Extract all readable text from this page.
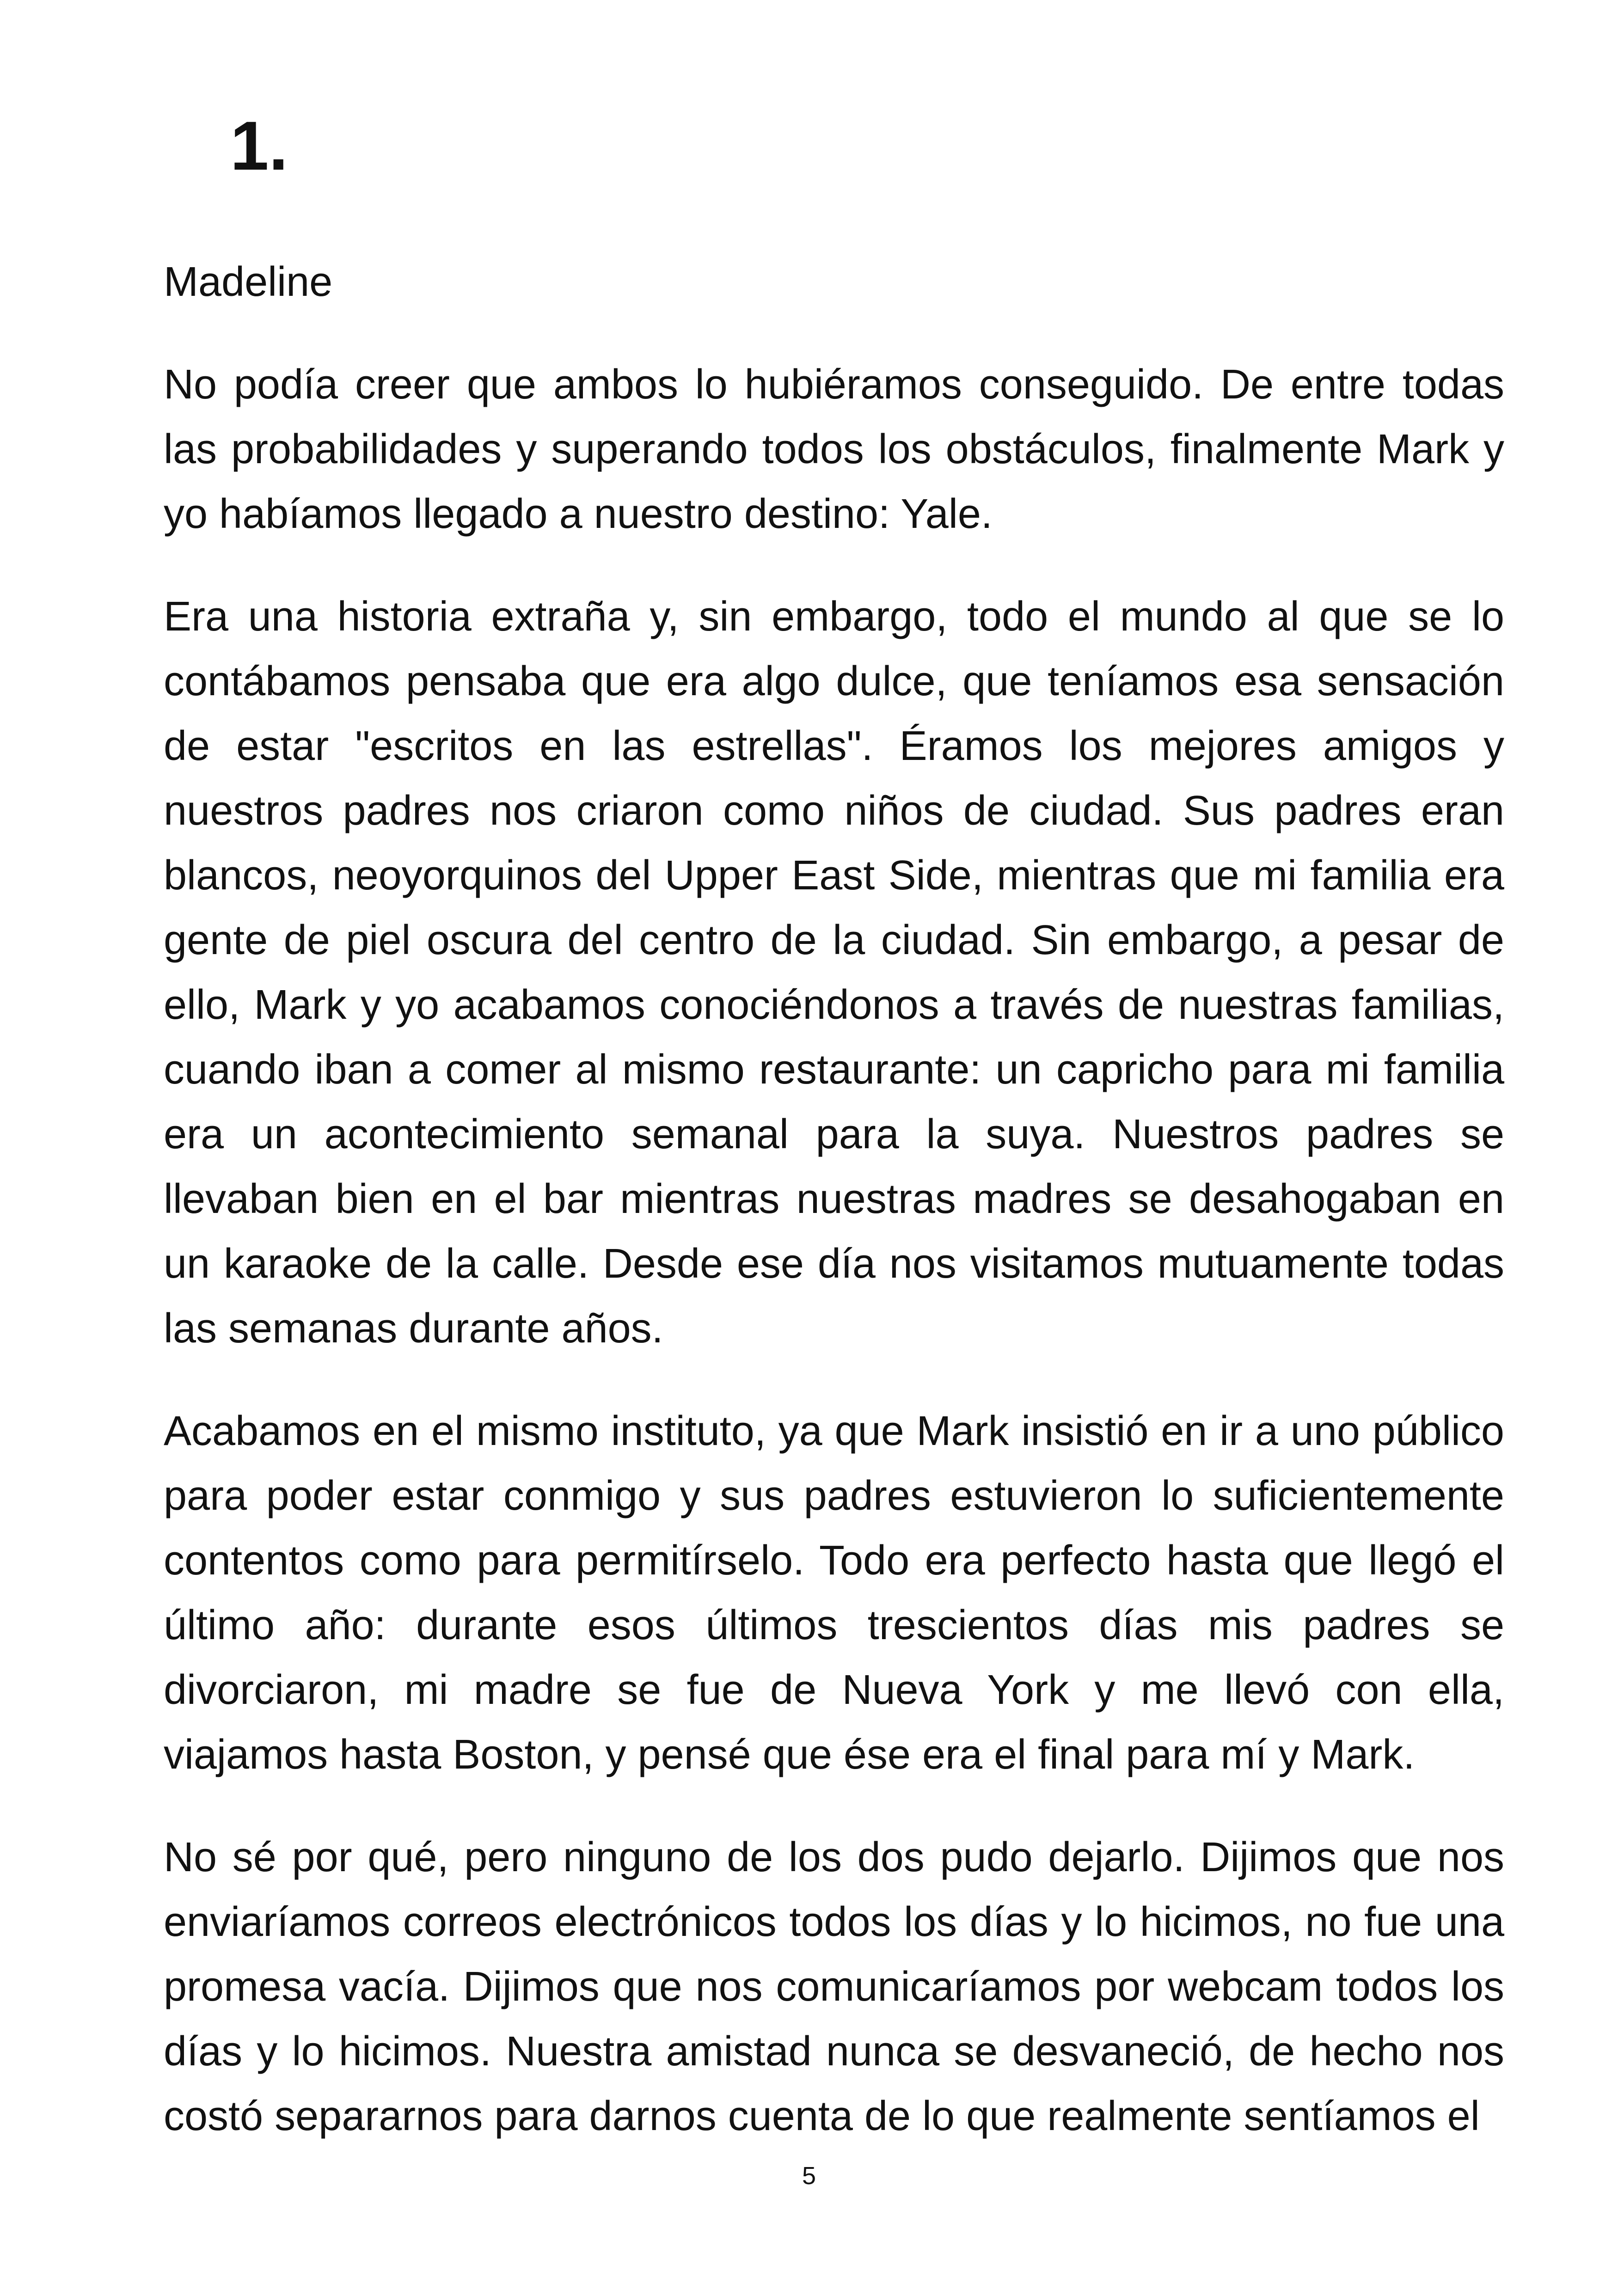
1.

Madeline

No podía creer que ambos lo hubiéramos conseguido. De entre todas las probabilidades y superando todos los obstáculos, finalmente Mark y yo habíamos llegado a nuestro destino: Yale.

Era una historia extraña y, sin embargo, todo el mundo al que se lo contábamos pensaba que era algo dulce, que teníamos esa sensación de estar "escritos en las estrellas". Éramos los mejores amigos y nuestros padres nos criaron como niños de ciudad. Sus padres eran blancos, neoyorquinos del Upper East Side, mientras que mi familia era gente de piel oscura del centro de la ciudad. Sin embargo, a pesar de ello, Mark y yo acabamos conociéndonos a través de nuestras familias, cuando iban a comer al mismo restaurante: un capricho para mi familia era un acontecimiento semanal para la suya. Nuestros padres se llevaban bien en el bar mientras nuestras madres se desahogaban en un karaoke de la calle. Desde ese día nos visitamos mutuamente todas las semanas durante años.

Acabamos en el mismo instituto, ya que Mark insistió en ir a uno público para poder estar conmigo y sus padres estuvieron lo suficientemente contentos como para permitírselo. Todo era perfecto hasta que llegó el último año: durante esos últimos trescientos días mis padres se divorciaron, mi madre se fue de Nueva York y me llevó con ella, viajamos hasta Boston, y pensé que ése era el final para mí y Mark.

No sé por qué, pero ninguno de los dos pudo dejarlo. Dijimos que nos enviaríamos correos electrónicos todos los días y lo hicimos, no fue una promesa vacía. Dijimos que nos comunicaríamos por webcam todos los días y lo hicimos. Nuestra amistad nunca se desvaneció, de hecho nos costó separarnos para darnos cuenta de lo que realmente sentíamos el

5
